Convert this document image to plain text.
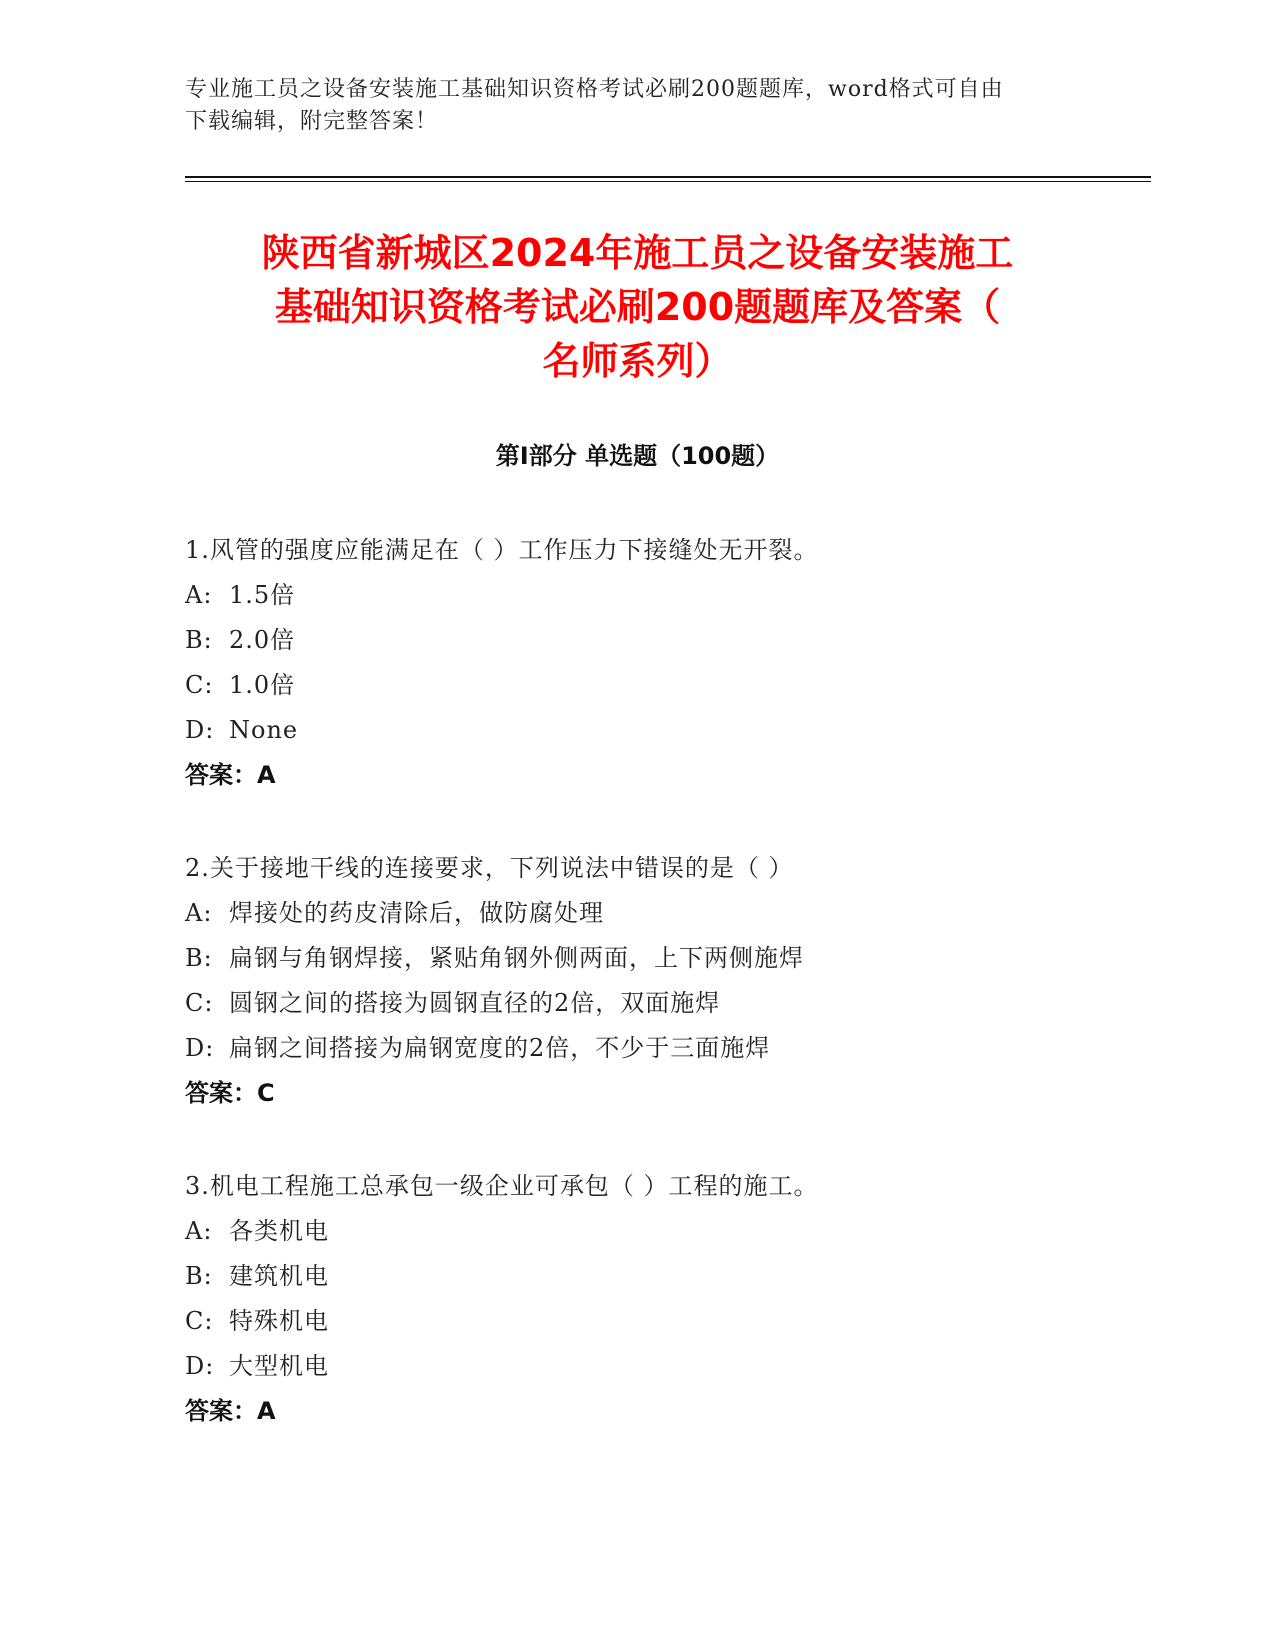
专业施工员之设备安装施工基础知识资格考试必刷200题题库，word格式可自由
下载编辑，附完整答案！
陕西省新城区2024年施工员之设备安装施工
基础知识资格考试必刷200题题库及答案（
名师系列）
第Ⅰ部分 单选题（100题）
1.风管的强度应能满足在（ ）工作压力下接缝处无开裂。
A: 1.5倍
B: 2.0倍
C: 1.0倍
D: None
答案：A
2.关于接地干线的连接要求，下列说法中错误的是（ ）
A: 焊接处的药皮清除后，做防腐处理
B: 扁钢与角钢焊接，紧贴角钢外侧两面，上下两侧施焊
C: 圆钢之间的搭接为圆钢直径的2倍，双面施焊
D: 扁钢之间搭接为扁钢宽度的2倍，不少于三面施焊
答案：C
3.机电工程施工总承包一级企业可承包（ ）工程的施工。
A: 各类机电
B: 建筑机电
C: 特殊机电
D: 大型机电
答案：A
